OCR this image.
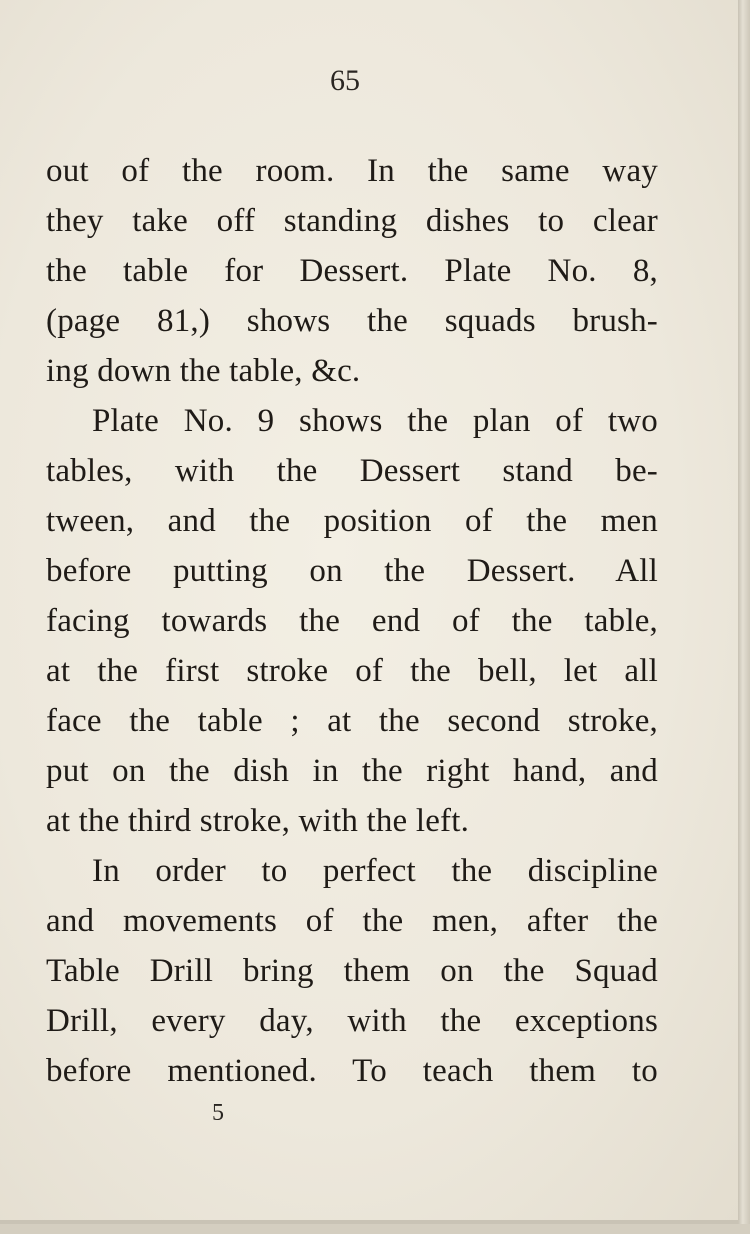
65
out of the room. In the same way
they take off standing dishes to clear
the table for Dessert. Plate No. 8,
(page 81,) shows the squads brush-
ing down the table, &c.
Plate No. 9 shows the plan of two
tables, with the Dessert stand be-
tween, and the position of the men
before putting on the Dessert. All
facing towards the end of the table,
at the first stroke of the bell, let all
face the table ; at the second stroke,
put on the dish in the right hand, and
at the third stroke, with the left.
In order to perfect the discipline
and movements of the men, after the
Table Drill bring them on the Squad
Drill, every day, with the exceptions
before mentioned. To teach them to
5
